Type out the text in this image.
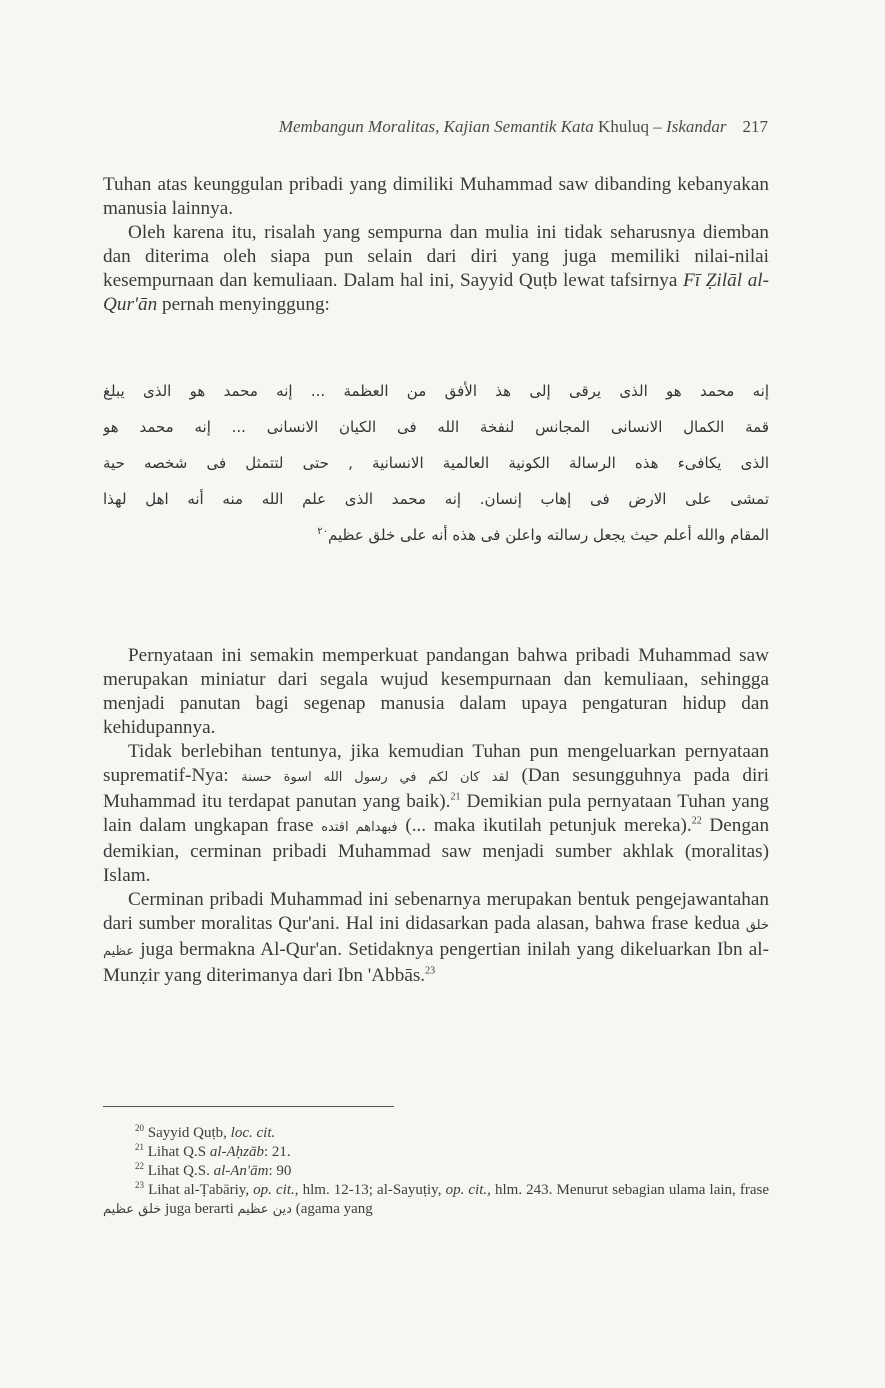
Membangun Moralitas, Kajian Semantik Kata Khuluq – Iskandar 217

Tuhan atas keunggulan pribadi yang dimiliki Muhammad saw dibanding kebanyakan manusia lainnya.

Oleh karena itu, risalah yang sempurna dan mulia ini tidak seharusnya diemban dan diterima oleh siapa pun selain dari diri yang juga memiliki nilai-nilai kesempurnaan dan kemuliaan. Dalam hal ini, Sayyid Quṭb lewat tafsirnya Fī Ẓilāl al-Qur'ān pernah menyinggung:

إنه محمد هو الذى يرقى إلى هذ الأفق من العظمة ... إنه محمد هو الذى يبلغ
قمة الكمال الانسانى المجانس لنفخة الله فى الكيان الانسانى ... إنه محمد هو
الذى يكافىء هذه الرسالة الكونية العالمية الانسانية , حتى لتتمثل فى شخصه حية
تمشى على الارض فى إهاب إنسان. إنه محمد الذى علم الله منه أنه اهل لهذا
المقام والله أعلم حيث يجعل رسالته واعلن فى هذه أنه على خلق عظيم$^{٢٠}$

Pernyataan ini semakin memperkuat pandangan bahwa pribadi Muhammad saw merupakan miniatur dari segala wujud kesempurnaan dan kemuliaan, sehingga menjadi panutan bagi segenap manusia dalam upaya pengaturan hidup dan kehidupannya.

Tidak berlebihan tentunya, jika kemudian Tuhan pun mengeluarkan pernyataan suprematif-Nya: لقد كان لكم في رسول الله اسوة حسنة (Dan sesungguhnya pada diri Muhammad itu terdapat panutan yang baik).$^{21}$ Demikian pula pernyataan Tuhan yang lain dalam ungkapan frase فبهداهم اقتده (... maka ikutilah petunjuk mereka).$^{22}$ Dengan demikian, cerminan pribadi Muhammad saw menjadi sumber akhlak (moralitas) Islam.

Cerminan pribadi Muhammad ini sebenarnya merupakan bentuk pengejawantahan dari sumber moralitas Qur'ani. Hal ini didasarkan pada alasan, bahwa frase kedua خلق عظيم juga bermakna Al-Qur'an. Setidaknya pengertian inilah yang dikeluarkan Ibn al-Munẓir yang diterimanya dari Ibn 'Abbās.$^{23}$

$^{20}$ Sayyid Quṭb, loc. cit.

$^{21}$ Lihat Q.S al-Aḥzāb: 21.

$^{22}$ Lihat Q.S. al-An'ām: 90

$^{23}$ Lihat al-Ṭabāriy, op. cit., hlm. 12-13; al-Sayuṭiy, op. cit., hlm. 243. Menurut sebagian ulama lain, frase خلق عظيم juga berarti دين عظيم (agama yang
